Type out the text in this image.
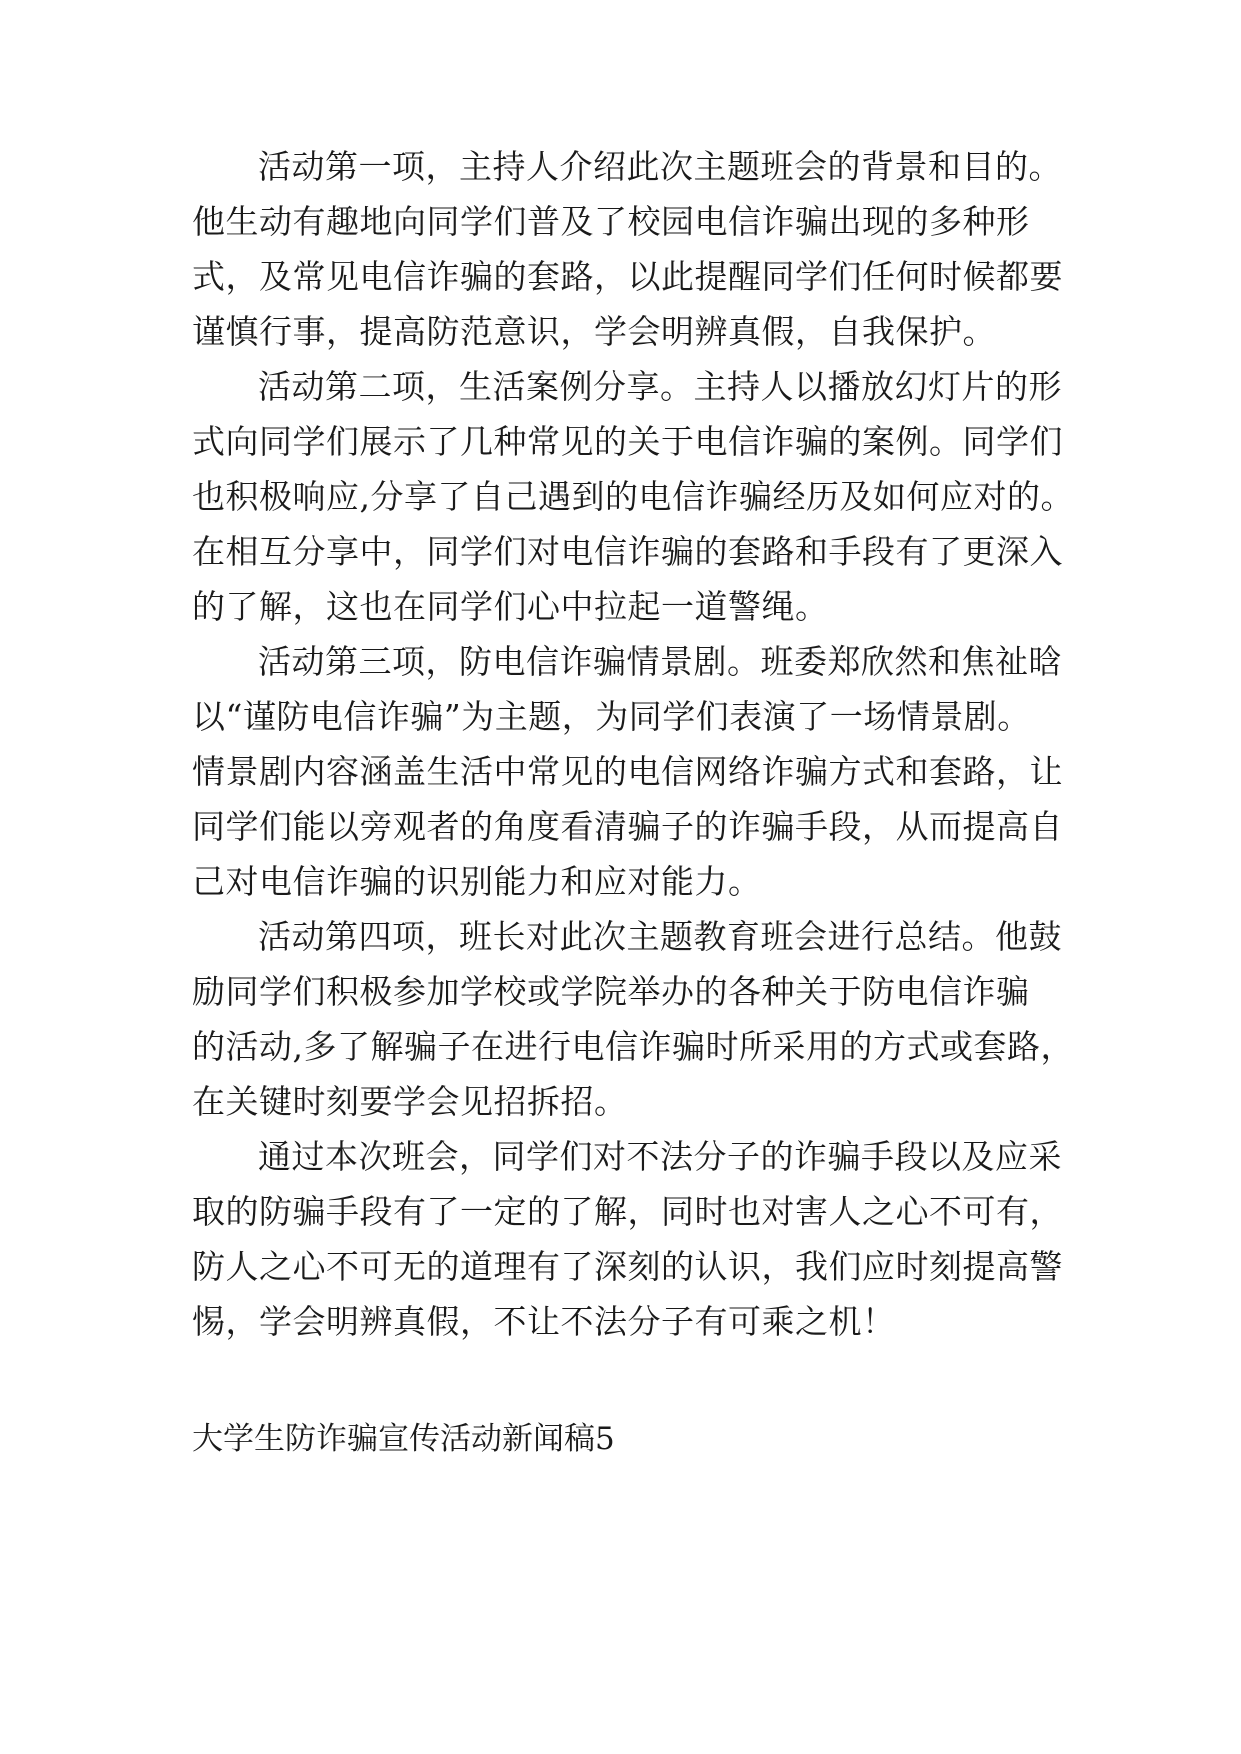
活动第一项，主持人介绍此次主题班会的背景和目的。
他生动有趣地向同学们普及了校园电信诈骗出现的多种形
式，及常见电信诈骗的套路，以此提醒同学们任何时候都要
谨慎行事，提高防范意识，学会明辨真假，自我保护。
活动第二项，生活案例分享。主持人以播放幻灯片的形
式向同学们展示了几种常见的关于电信诈骗的案例。同学们
也积极响应,分享了自己遇到的电信诈骗经历及如何应对的。
在相互分享中，同学们对电信诈骗的套路和手段有了更深入
的了解，这也在同学们心中拉起一道警绳。
活动第三项，防电信诈骗情景剧。班委郑欣然和焦祉晗
以“谨防电信诈骗”为主题，为同学们表演了一场情景剧。
情景剧内容涵盖生活中常见的电信网络诈骗方式和套路，让
同学们能以旁观者的角度看清骗子的诈骗手段，从而提高自
己对电信诈骗的识别能力和应对能力。
活动第四项，班长对此次主题教育班会进行总结。他鼓
励同学们积极参加学校或学院举办的各种关于防电信诈骗
的活动,多了解骗子在进行电信诈骗时所采用的方式或套路，
在关键时刻要学会见招拆招。
通过本次班会，同学们对不法分子的诈骗手段以及应采
取的防骗手段有了一定的了解，同时也对害人之心不可有，
防人之心不可无的道理有了深刻的认识，我们应时刻提高警
惕，学会明辨真假，不让不法分子有可乘之机！
大学生防诈骗宣传活动新闻稿5
